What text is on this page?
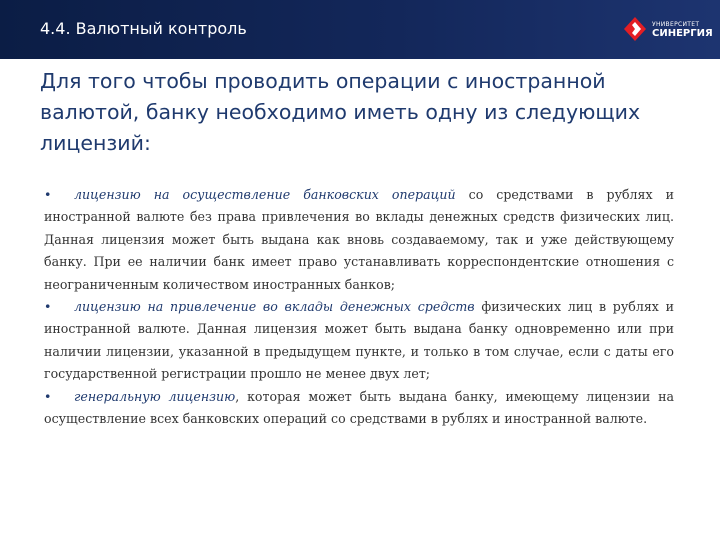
4.4. Валютный контроль	УНИВЕРСИТЕТ
СИНЕРГИЯ
Для того чтобы проводить операции с иностранной валютой, банку необходимо иметь одну из следующих лицензий:

• лицензию на осуществление банковских операций со средствами в рублях и иностранной валюте без права привлечения во вклады денежных средств физических лиц. Данная лицензия может быть выдана как вновь создаваемому, так и уже действующему банку. При ее наличии банк имеет право устанавливать корреспондентские отношения с неограниченным количеством иностранных банков;

• лицензию на привлечение во вклады денежных средств физических лиц в рублях и иностранной валюте. Данная лицензия может быть выдана банку одновременно или при наличии лицензии, указанной в предыдущем пункте, и только в том случае, если с даты его государственной регистрации прошло не менее двух лет;

• генеральную лицензию, которая может быть выдана банку, имеющему лицензии на осуществление всех банковских операций со средствами в рублях и иностранной валюте.
